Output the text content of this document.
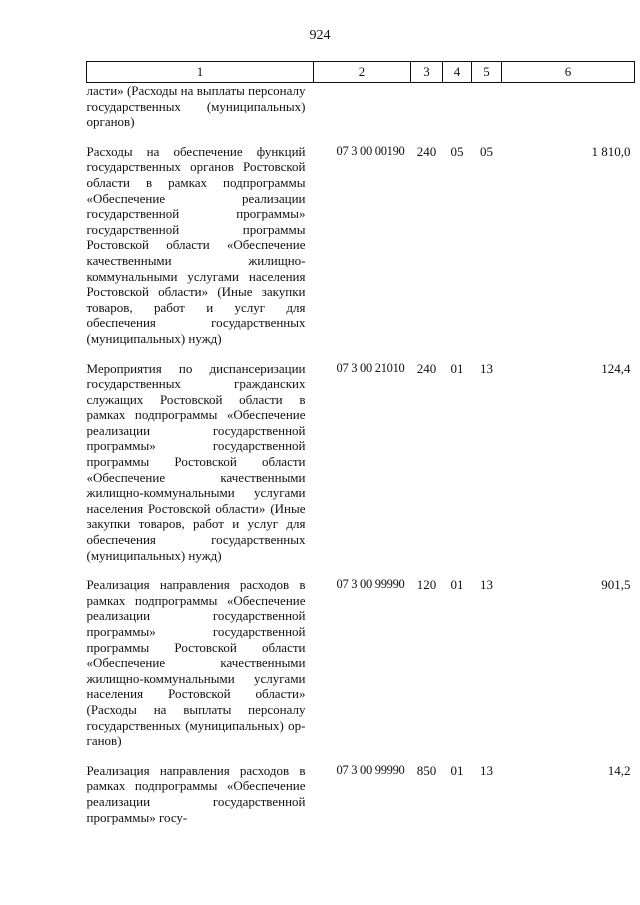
924
1	2	3	4	5	6
ласти» (Расходы на выплаты персоналу государственных (муниципальных) органов)					
Расходы на обеспечение функций государственных органов Ростовской области в рамках подпрограммы «Обеспечение реализации государственной программы» государственной программы Ростовской области «Обеспечение качественными жилищно-коммунальными услугами населения Ростовской области» (Иные закупки товаров, работ и услуг для обеспечения государственных (муниципальных) нужд)	07 3 00 00190	240	05	05	1 810,0
Мероприятия по диспансеризации государственных гражданских служащих Ростовской области в рамках подпрограммы «Обеспечение реализации государственной программы» государственной программы Ростовской области «Обеспечение качественными жилищно-коммунальными услугами населения Ростовской области» (Иные закупки товаров, работ и услуг для обеспечения государственных (муниципальных) нужд)	07 3 00 21010	240	01	13	124,4
Реализация направления расходов в рамках подпрограммы «Обеспечение реализации государственной программы» государственной программы Ростовской области «Обеспечение качественными жилищно-коммунальными услугами населения Ростовской области» (Расходы на выплаты персоналу государственных (муниципальных) органов)	07 3 00 99990	120	01	13	901,5
Реализация направления расходов в рамках подпрограммы «Обеспечение реализации государственной программы» госу-	07 3 00 99990	850	01	13	14,2
